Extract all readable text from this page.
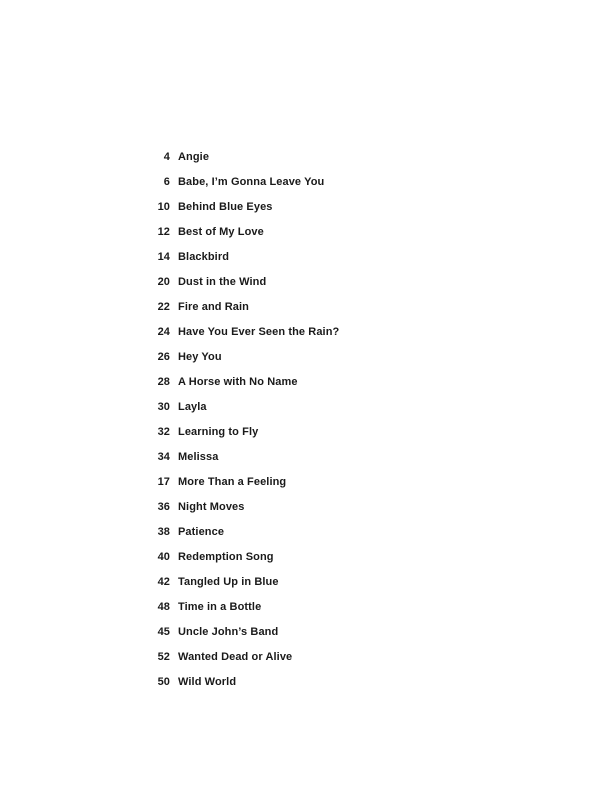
4 Angie
6 Babe, I’m Gonna Leave You
10 Behind Blue Eyes
12 Best of My Love
14 Blackbird
20 Dust in the Wind
22 Fire and Rain
24 Have You Ever Seen the Rain?
26 Hey You
28 A Horse with No Name
30 Layla
32 Learning to Fly
34 Melissa
17 More Than a Feeling
36 Night Moves
38 Patience
40 Redemption Song
42 Tangled Up in Blue
48 Time in a Bottle
45 Uncle John’s Band
52 Wanted Dead or Alive
50 Wild World
